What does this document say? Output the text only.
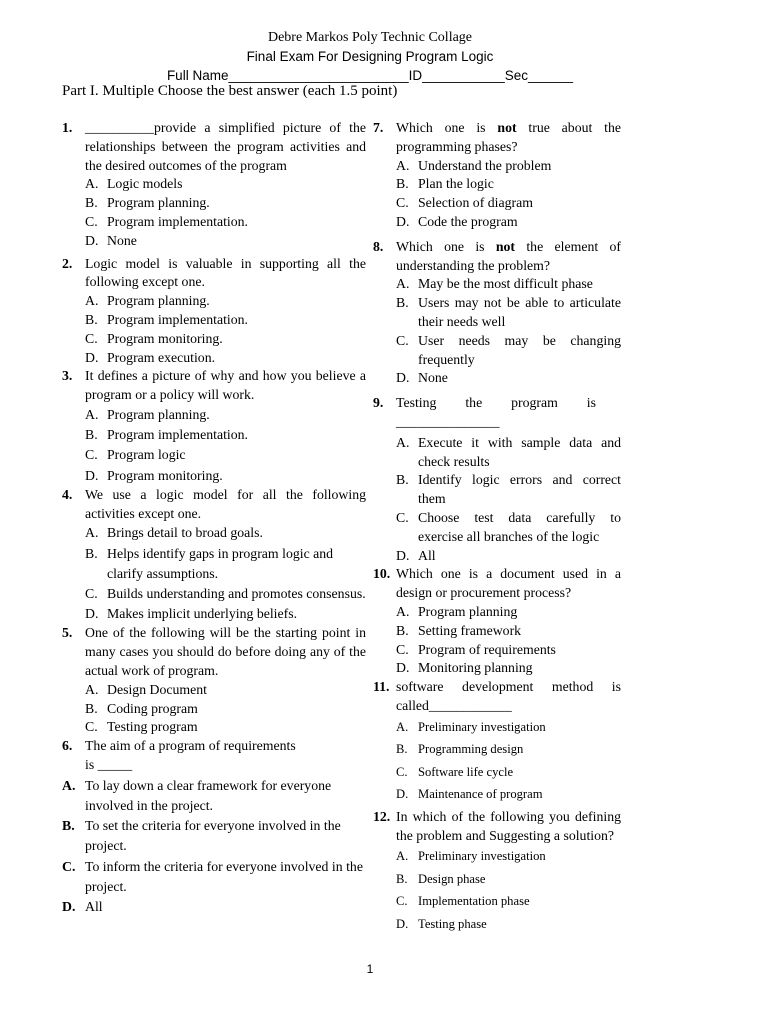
Debre Markos Poly Technic Collage
Final Exam For Designing Program Logic
Full Name________________________ID___________Sec______
Part I. Multiple Choose the best answer (each 1.5 point)
1. __________provide a simplified picture of the relationships between the program activities and the desired outcomes of the program
A. Logic models
B. Program planning.
C. Program implementation.
D. None
2. Logic model is valuable in supporting all the following except one.
A. Program planning.
B. Program implementation.
C. Program monitoring.
D. Program execution.
3. It defines a picture of why and how you believe a program or a policy will work.
A. Program planning.
B. Program implementation.
C. Program logic
D. Program monitoring.
4. We use a logic model for all the following activities except one.
A. Brings detail to broad goals.
B. Helps identify gaps in program logic and clarify assumptions.
C. Builds understanding and promotes consensus.
D. Makes implicit underlying beliefs.
5. One of the following will be the starting point in many cases you should do before doing any of the actual work of program.
A. Design Document
B. Coding program
C. Testing program
6. The aim of a program of requirements is _____
A. To lay down a clear framework for everyone involved in the project.
B. To set the criteria for everyone involved in the project.
C. To inform the criteria for everyone involved in the project.
D. All
7. Which one is not true about the programming phases?
A. Understand the problem
B. Plan the logic
C. Selection of diagram
D. Code the program
8. Which one is not the element of understanding the problem?
A. May be the most difficult phase
B. Users may not be able to articulate their needs well
C. User needs may be changing frequently
D. None
9. Testing the program is _______________
A. Execute it with sample data and check results
B. Identify logic errors and correct them
C. Choose test data carefully to exercise all branches of the logic
D. All
10. Which one is a document used in a design or procurement process?
A. Program planning
B. Setting framework
C. Program of requirements
D. Monitoring planning
11. software development method is called____________
A. Preliminary investigation
B. Programming design
C. Software life cycle
D. Maintenance of program
12. In which of the following you defining the problem and Suggesting a solution?
A. Preliminary investigation
B. Design phase
C. Implementation phase
D. Testing phase
1
